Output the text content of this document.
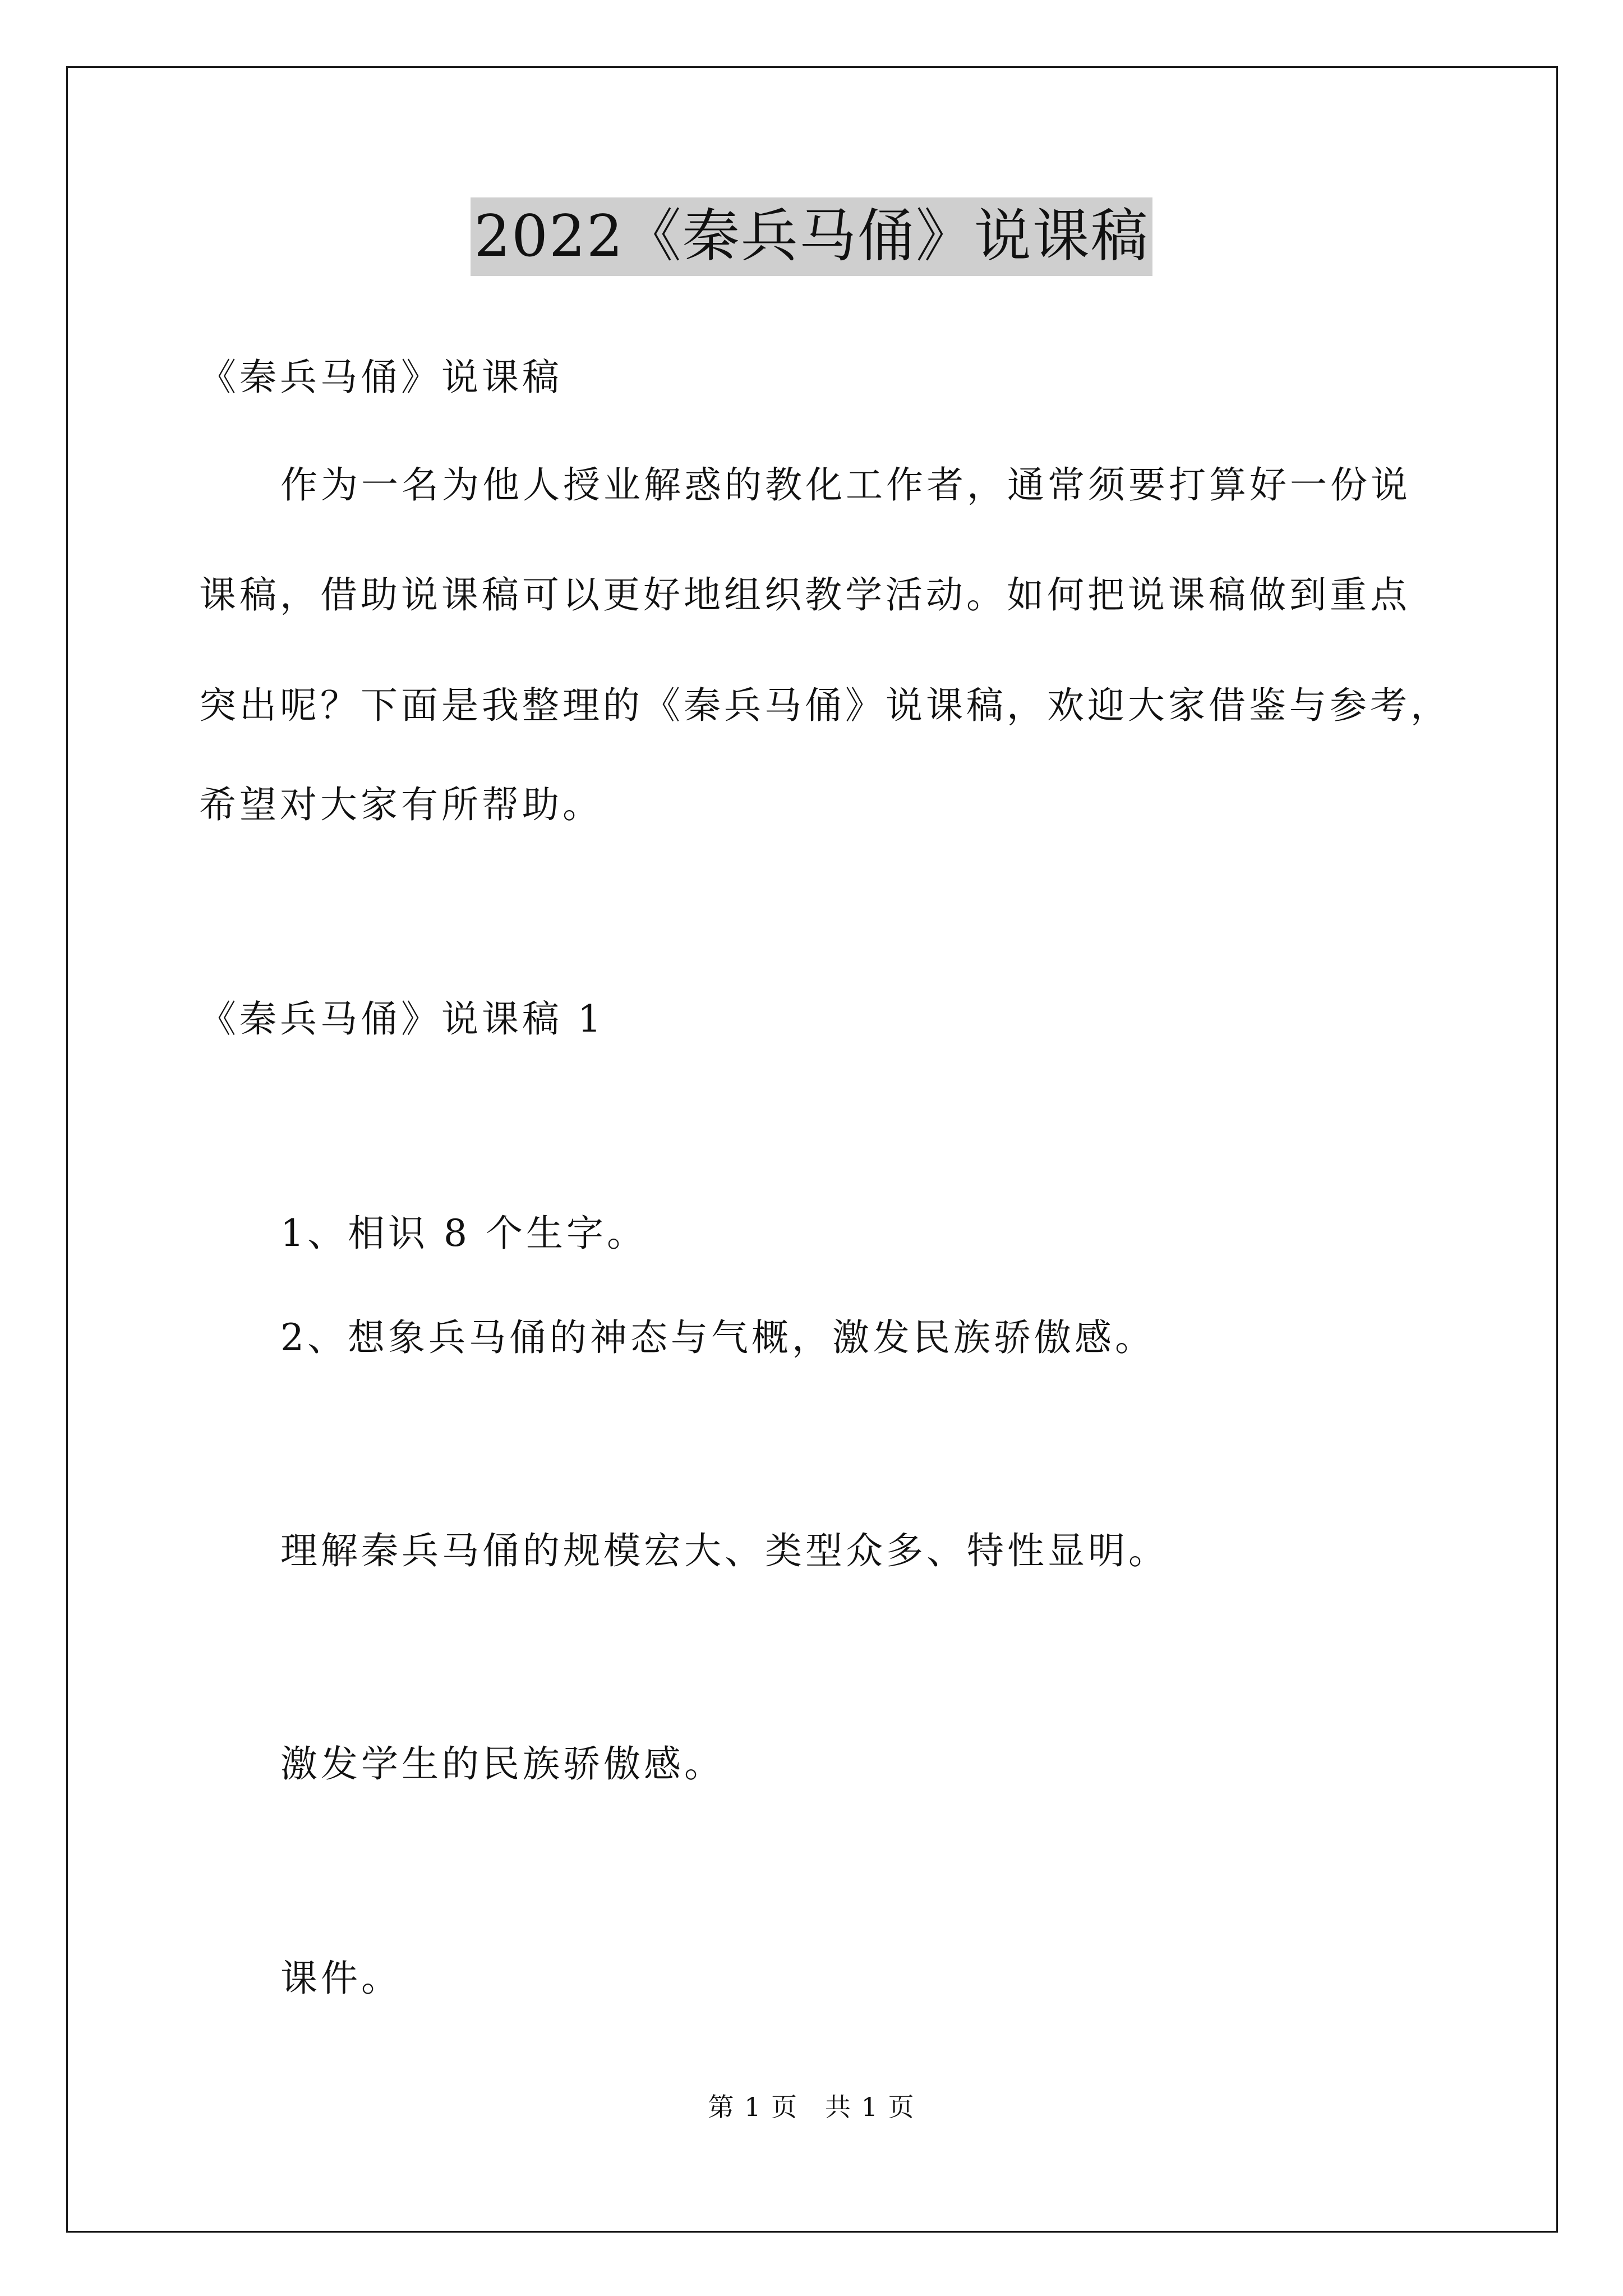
2022《秦兵马俑》说课稿
《秦兵马俑》说课稿
作为一名为他人授业解惑的教化工作者，通常须要打算好一份说
课稿，借助说课稿可以更好地组织教学活动。如何把说课稿做到重点
突出呢？下面是我整理的《秦兵马俑》说课稿，欢迎大家借鉴与参考，
希望对大家有所帮助。
《秦兵马俑》说课稿 1
1、相识 8 个生字。
2、想象兵马俑的神态与气概，激发民族骄傲感。
理解秦兵马俑的规模宏大、类型众多、特性显明。
激发学生的民族骄傲感。
课件。
第 1 页　共 1 页
